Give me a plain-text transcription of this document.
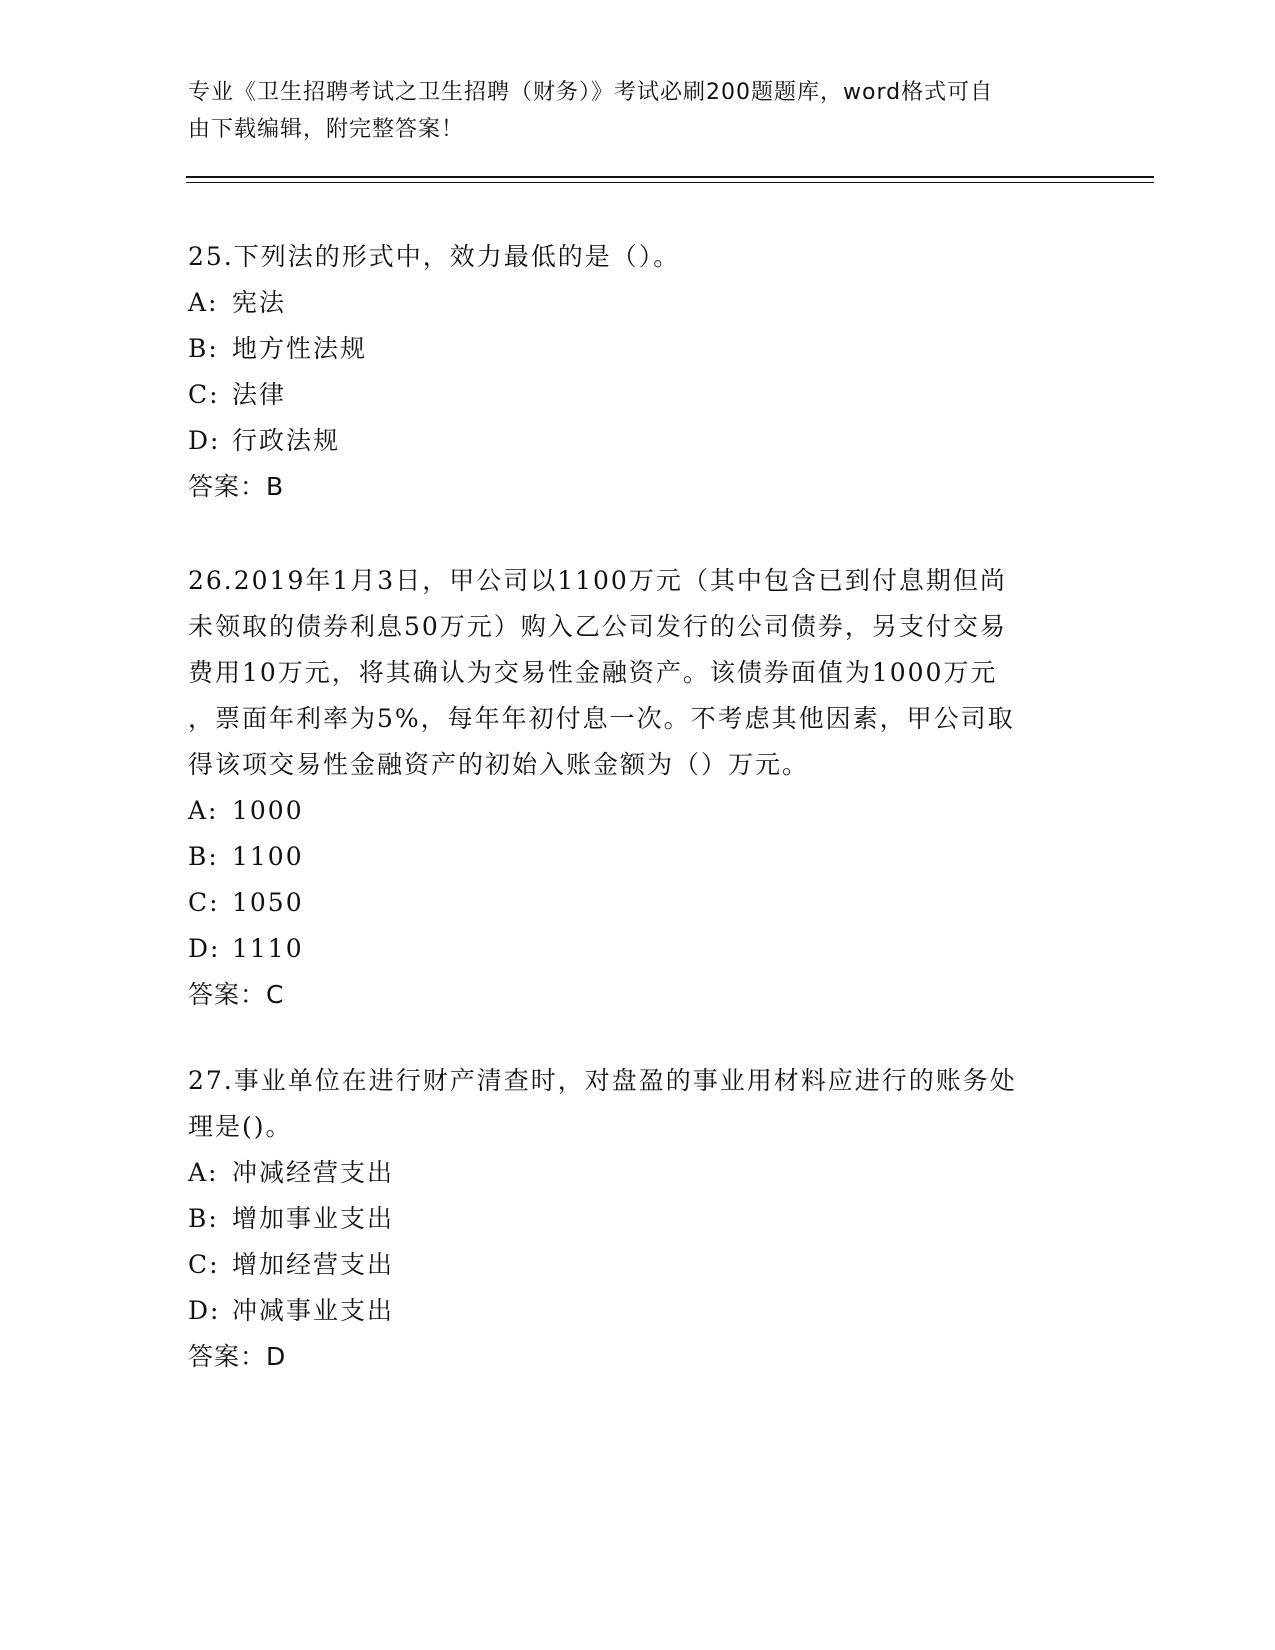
专业《卫生招聘考试之卫生招聘（财务）》考试必刷200题题库，word格式可自
由下载编辑，附完整答案！

25.下列法的形式中，效力最低的是（）。

A: 宪法
B: 地方性法规
C: 法律
D: 行政法规

答案：B

26.2019年1月3日，甲公司以1100万元（其中包含已到付息期但尚
未领取的债券利息50万元）购入乙公司发行的公司债券，另支付交易
费用10万元，将其确认为交易性金融资产。该债券面值为1000万元
，票面年利率为5%，每年年初付息一次。不考虑其他因素，甲公司取
得该项交易性金融资产的初始入账金额为（）万元。

A: 1000
B: 1100
C: 1050
D: 1110

答案：C

27.事业单位在进行财产清查时，对盘盈的事业用材料应进行的账务处
理是()。

A: 冲减经营支出
B: 增加事业支出
C: 增加经营支出
D: 冲减事业支出

答案：D
